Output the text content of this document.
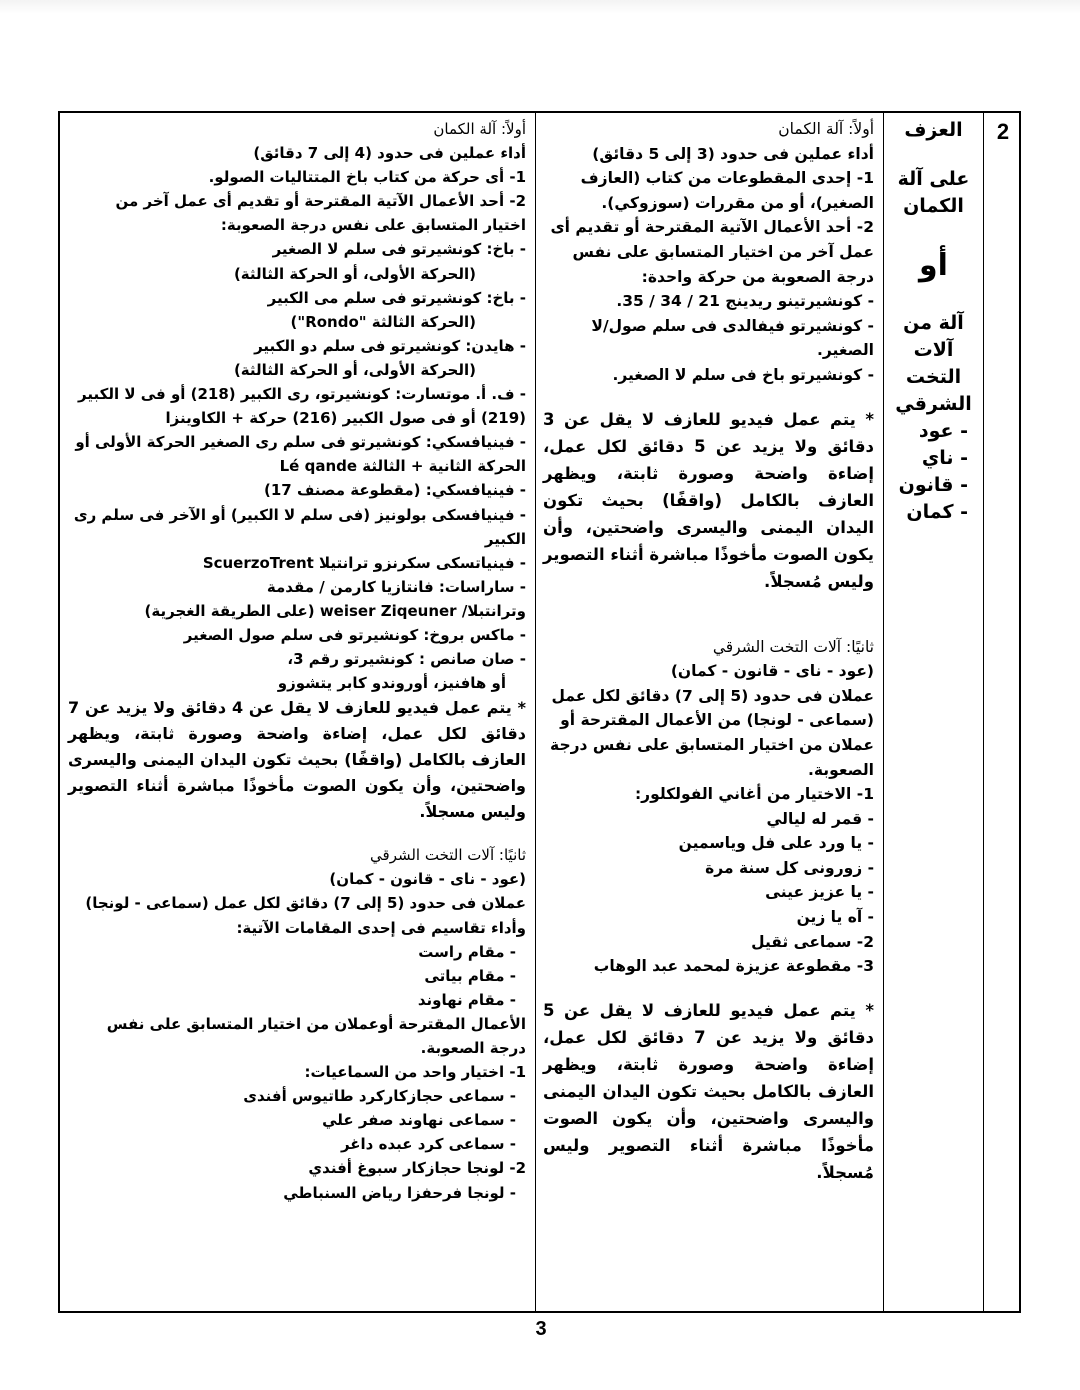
2
العزف
على آلة الكمان
أو
آلة من آلات التخت الشرقي
- عود
- ناي
- قانون
- كمان

أولاً: آلة الكمان

أداء عملين فى حدود (3 إلى 5 دقائق)

1- إحدى المقطوعات من كتاب (العازف الصغير)، أو من مقررات (سوزوكي).

2- أحد الأعمال الآتية المقترحة أو تقديم أى عمل آخر من اختيار المتسابق على نفس درجة الصعوبة من حركة واحدة:

- كونشيرتينو ريدينج 21 / 34 / 35.

- كونشيرتو فيفالدى فى سلم صول/لا الصغير.

- كونشيرتو باخ فى سلم لا الصغير.

* يتم عمل فيديو للعازف لا يقل عن 3 دقائق ولا يزيد عن 5 دقائق لكل عمل، إضاءة واضحة وصورة ثابتة، ويظهر العازف بالكامل (واقفًا) بحيث تكون اليدان اليمنى واليسرى واضحتين، وأن يكون الصوت مأخوذًا مباشرة أثناء التصوير وليس مُسجلاً.

ثانيًا: آلات التخت الشرقي

(عود - ناى - قانون - كمان)

عملان فى حدود (5 إلى 7) دقائق لكل عمل (سماعى - لونجا) من الأعمال المقترحة أو عملان من اختيار المتسابق على نفس درجة الصعوبة.

1- الاختيار من أغاني الفولكلور:

- قمر له ليالي

- يا ورد على فل وياسمين

- زورونى كل سنة مرة

- يا عزيز عينى

- آه يا زين

2- سماعى ثقيل

3- مقطوعة عزيزة لمحمد عبد الوهاب

* يتم عمل فيديو للعازف لا يقل عن 5 دقائق ولا يزيد عن 7 دقائق لكل عمل، إضاءة واضحة وصورة ثابتة، ويظهر العازف بالكامل بحيث تكون اليدان اليمنى واليسرى واضحتين، وأن يكون الصوت مأخوذًا مباشرة أثناء التصوير وليس مُسجلاً.

أولاً: آلة الكمان

أداء عملين فى حدود (4 إلى 7 دقائق)

1- أى حركة من كتاب باخ المتتاليات الصولو.

2- أحد الأعمال الآتية المقترحة أو تقديم أى عمل آخر من اختيار المتسابق على نفس درجة الصعوبة:

- باخ: كونشيرتو فى سلم لا الصغير

(الحركة الأولى، أو الحركة الثالثة)

- باخ: كونشيرتو فى سلم مى الكبير

(الحركة الثالثة "Rondo")

- هايدن: كونشيرتو فى سلم دو الكبير

(الحركة الأولى، أو الحركة الثالثة)

- ف. أ. موتسارت: كونشيرتو، رى الكبير (218) أو فى لا الكبير (219) أو فى صول الكبير (216) حركة + الكاوينزا

- فينيافسكي: كونشيرتو فى سلم رى الصغير الحركة الأولى أو الحركة الثانية + الثالثة Lé qande

- فينيافسكي: (مقطوعة مصنف 17)

- فينيافسكى بولونيز (فى سلم لا الكبير) أو الآخر فى سلم رى الكبير

- فينياتسكى سكرنزو ترانتيلا ScuerzoTrent

- ساراسات: فانتازيا كارمن / مقدمة

وترانتبلا/ weiser Ziqeuner (على الطريقة الغجرية)

- ماكس بروخ: كونشيرتو فى سلم صول الصغير

- صان صانص : كونشيرتو رقم 3،

أو هافنيز، أوروندو كابر يتشوزو

* يتم عمل فيديو للعازف لا يقل عن 4 دقائق ولا يزيد عن 7 دقائق لكل عمل، إضاءة واضحة وصورة ثابتة، ويظهر العازف بالكامل (واقفًا) بحيث تكون اليدان اليمنى واليسرى واضحتين، وأن يكون الصوت مأخوذًا مباشرة أثناء التصوير وليس مسجلاً.

ثانيًا: آلات التخت الشرقي

(عود - ناى - قانون - كمان)

عملان فى حدود (5 إلى 7) دقائق لكل عمل (سماعى - لونجا)

وأداء تقاسيم فى إحدى المقامات الآتية:

- مقام راست

- مقام بياتى

- مقام نهاوند

الأعمال المقترحة أوعملان من اختيار المتسابق على نفس درجة الصعوبة.

1- اختيار واحد من السماعيات:

- سماعى حجازكاركرد طاتيوس أفندى

- سماعى نهاوند صفر علي

- سماعى كرد عبده داغر

2- لونجا حجازكار سبوغ أفندي

- لونجا فرحفزا رياض السنباطي

3
